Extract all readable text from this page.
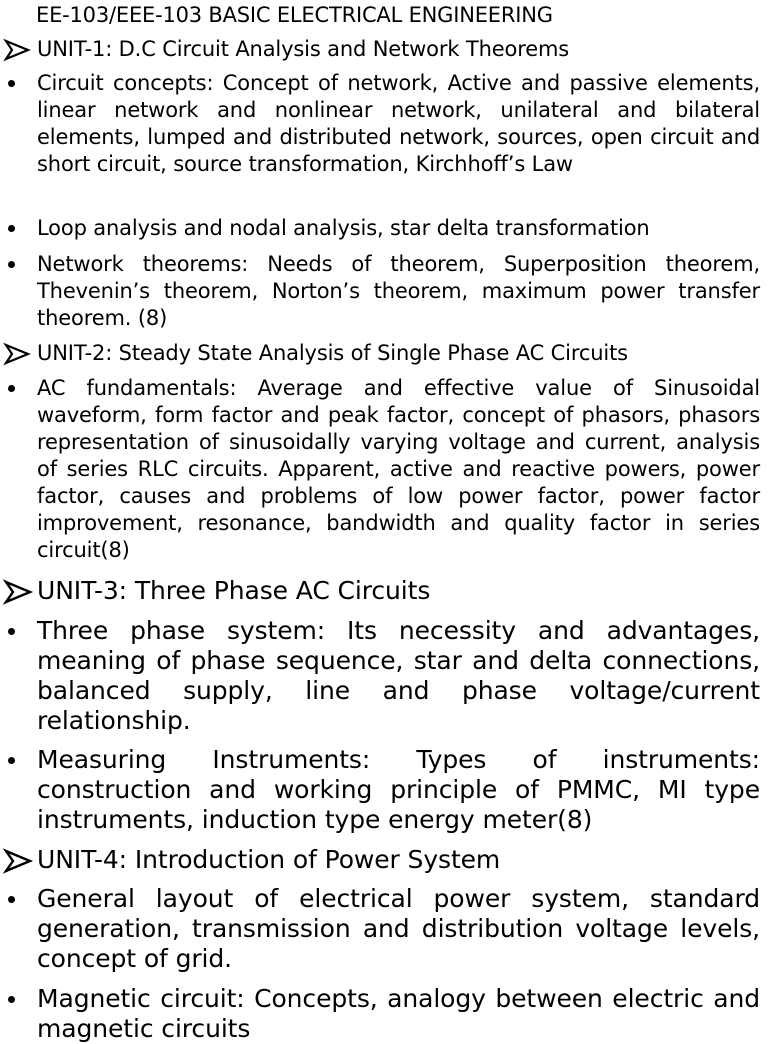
EE-103/EEE-103 BASIC ELECTRICAL ENGINEERING
UNIT-1: D.C Circuit Analysis and Network Theorems
Circuit concepts: Concept of network, Active and passive elements, linear network and nonlinear network, unilateral and bilateral elements, lumped and distributed network, sources, open circuit and short circuit, source transformation, Kirchhoff’s Law
Loop analysis and nodal analysis, star delta transformation
Network theorems: Needs of theorem, Superposition theorem, Thevenin’s theorem, Norton’s theorem, maximum power transfer theorem. (8)
UNIT-2: Steady State Analysis of Single Phase AC Circuits
AC fundamentals: Average and effective value of Sinusoidal waveform, form factor and peak factor, concept of phasors, phasors representation of sinusoidally varying voltage and current, analysis of series RLC circuits. Apparent, active and reactive powers, power factor, causes and problems of low power factor, power factor improvement, resonance, bandwidth and quality factor in series circuit(8)
UNIT-3: Three Phase AC Circuits
Three phase system: Its necessity and advantages, meaning of phase sequence, star and delta connections, balanced supply, line and phase voltage/current relationship.
Measuring Instruments: Types of instruments: construction and working principle of PMMC, MI type instruments, induction type energy meter(8)
UNIT-4: Introduction of Power System
General layout of electrical power system, standard generation, transmission and distribution voltage levels, concept of grid.
Magnetic circuit: Concepts, analogy between electric and magnetic circuits
